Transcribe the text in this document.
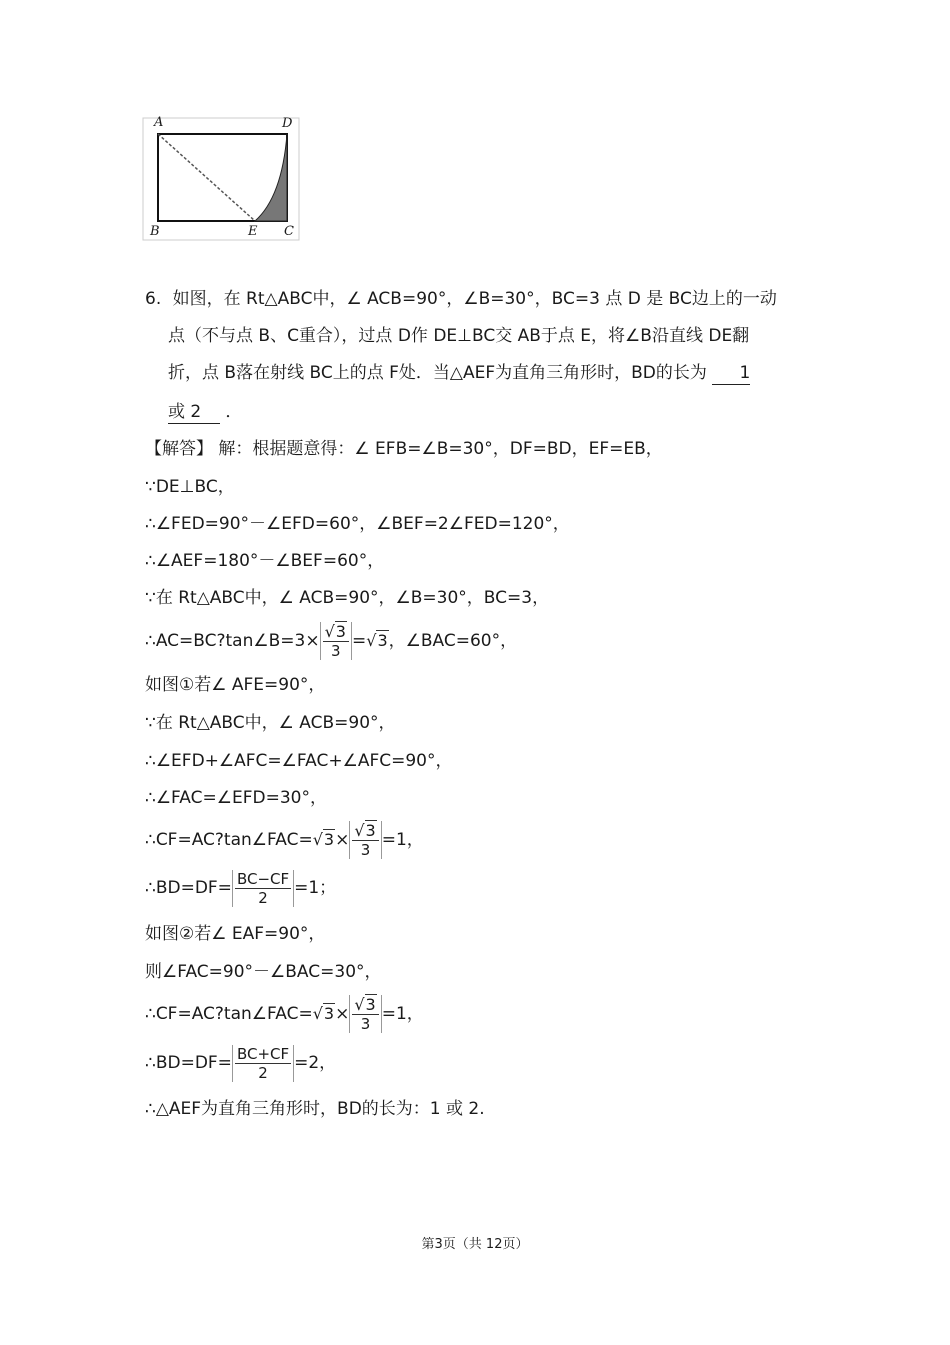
A	D
B	E C
6. 如图，在 Rt△ABC中，∠ ACB=90°，∠B=30°，BC=3 点 D 是 BC边上的一动
点（不与点 B、C重合），过点 D作 DE⊥BC交 AB于点 E，将∠B沿直线 DE翻
折，点 B落在射线 BC上的点 F处．当△AEF为直角三角形时，BD的长为 1
或 2 ．
【解答】 解：根据题意得：∠ EFB=∠B=30°，DF=BD，EF=EB，
∵DE⊥BC，
∴∠FED=90°－∠EFD=60°，∠BEF=2∠FED=120°，
∴∠AEF=180°－∠BEF=60°，
∵在 Rt△ABC中，∠ ACB=90°，∠B=30°，BC=3，
∴AC=BC?tan∠B=3× $\frac{√3}{3} = √3$ ，∠BAC=60°，
如图①若∠ AFE=90°，
∵在 Rt△ABC中，∠ ACB=90°，
∴∠EFD+∠AFC=∠FAC+∠AFC=90°，
∴∠FAC=∠EFD=30°，
∴CF=AC?tan∠FAC= $√3 \times \frac{√3}{3} =1$，
∴BD=DF= $\frac{BC-CF}{2} =1$；
如图②若∠ EAF=90°，
则∠FAC=90°－∠BAC=30°，
∴CF=AC?tan∠FAC= $√3 \times \frac{√3}{3} =1$，
∴BD=DF= $\frac{BC+CF}{2} =2$，
∴△AEF为直角三角形时，BD的长为：1 或 2.
第3页（共 12页）
